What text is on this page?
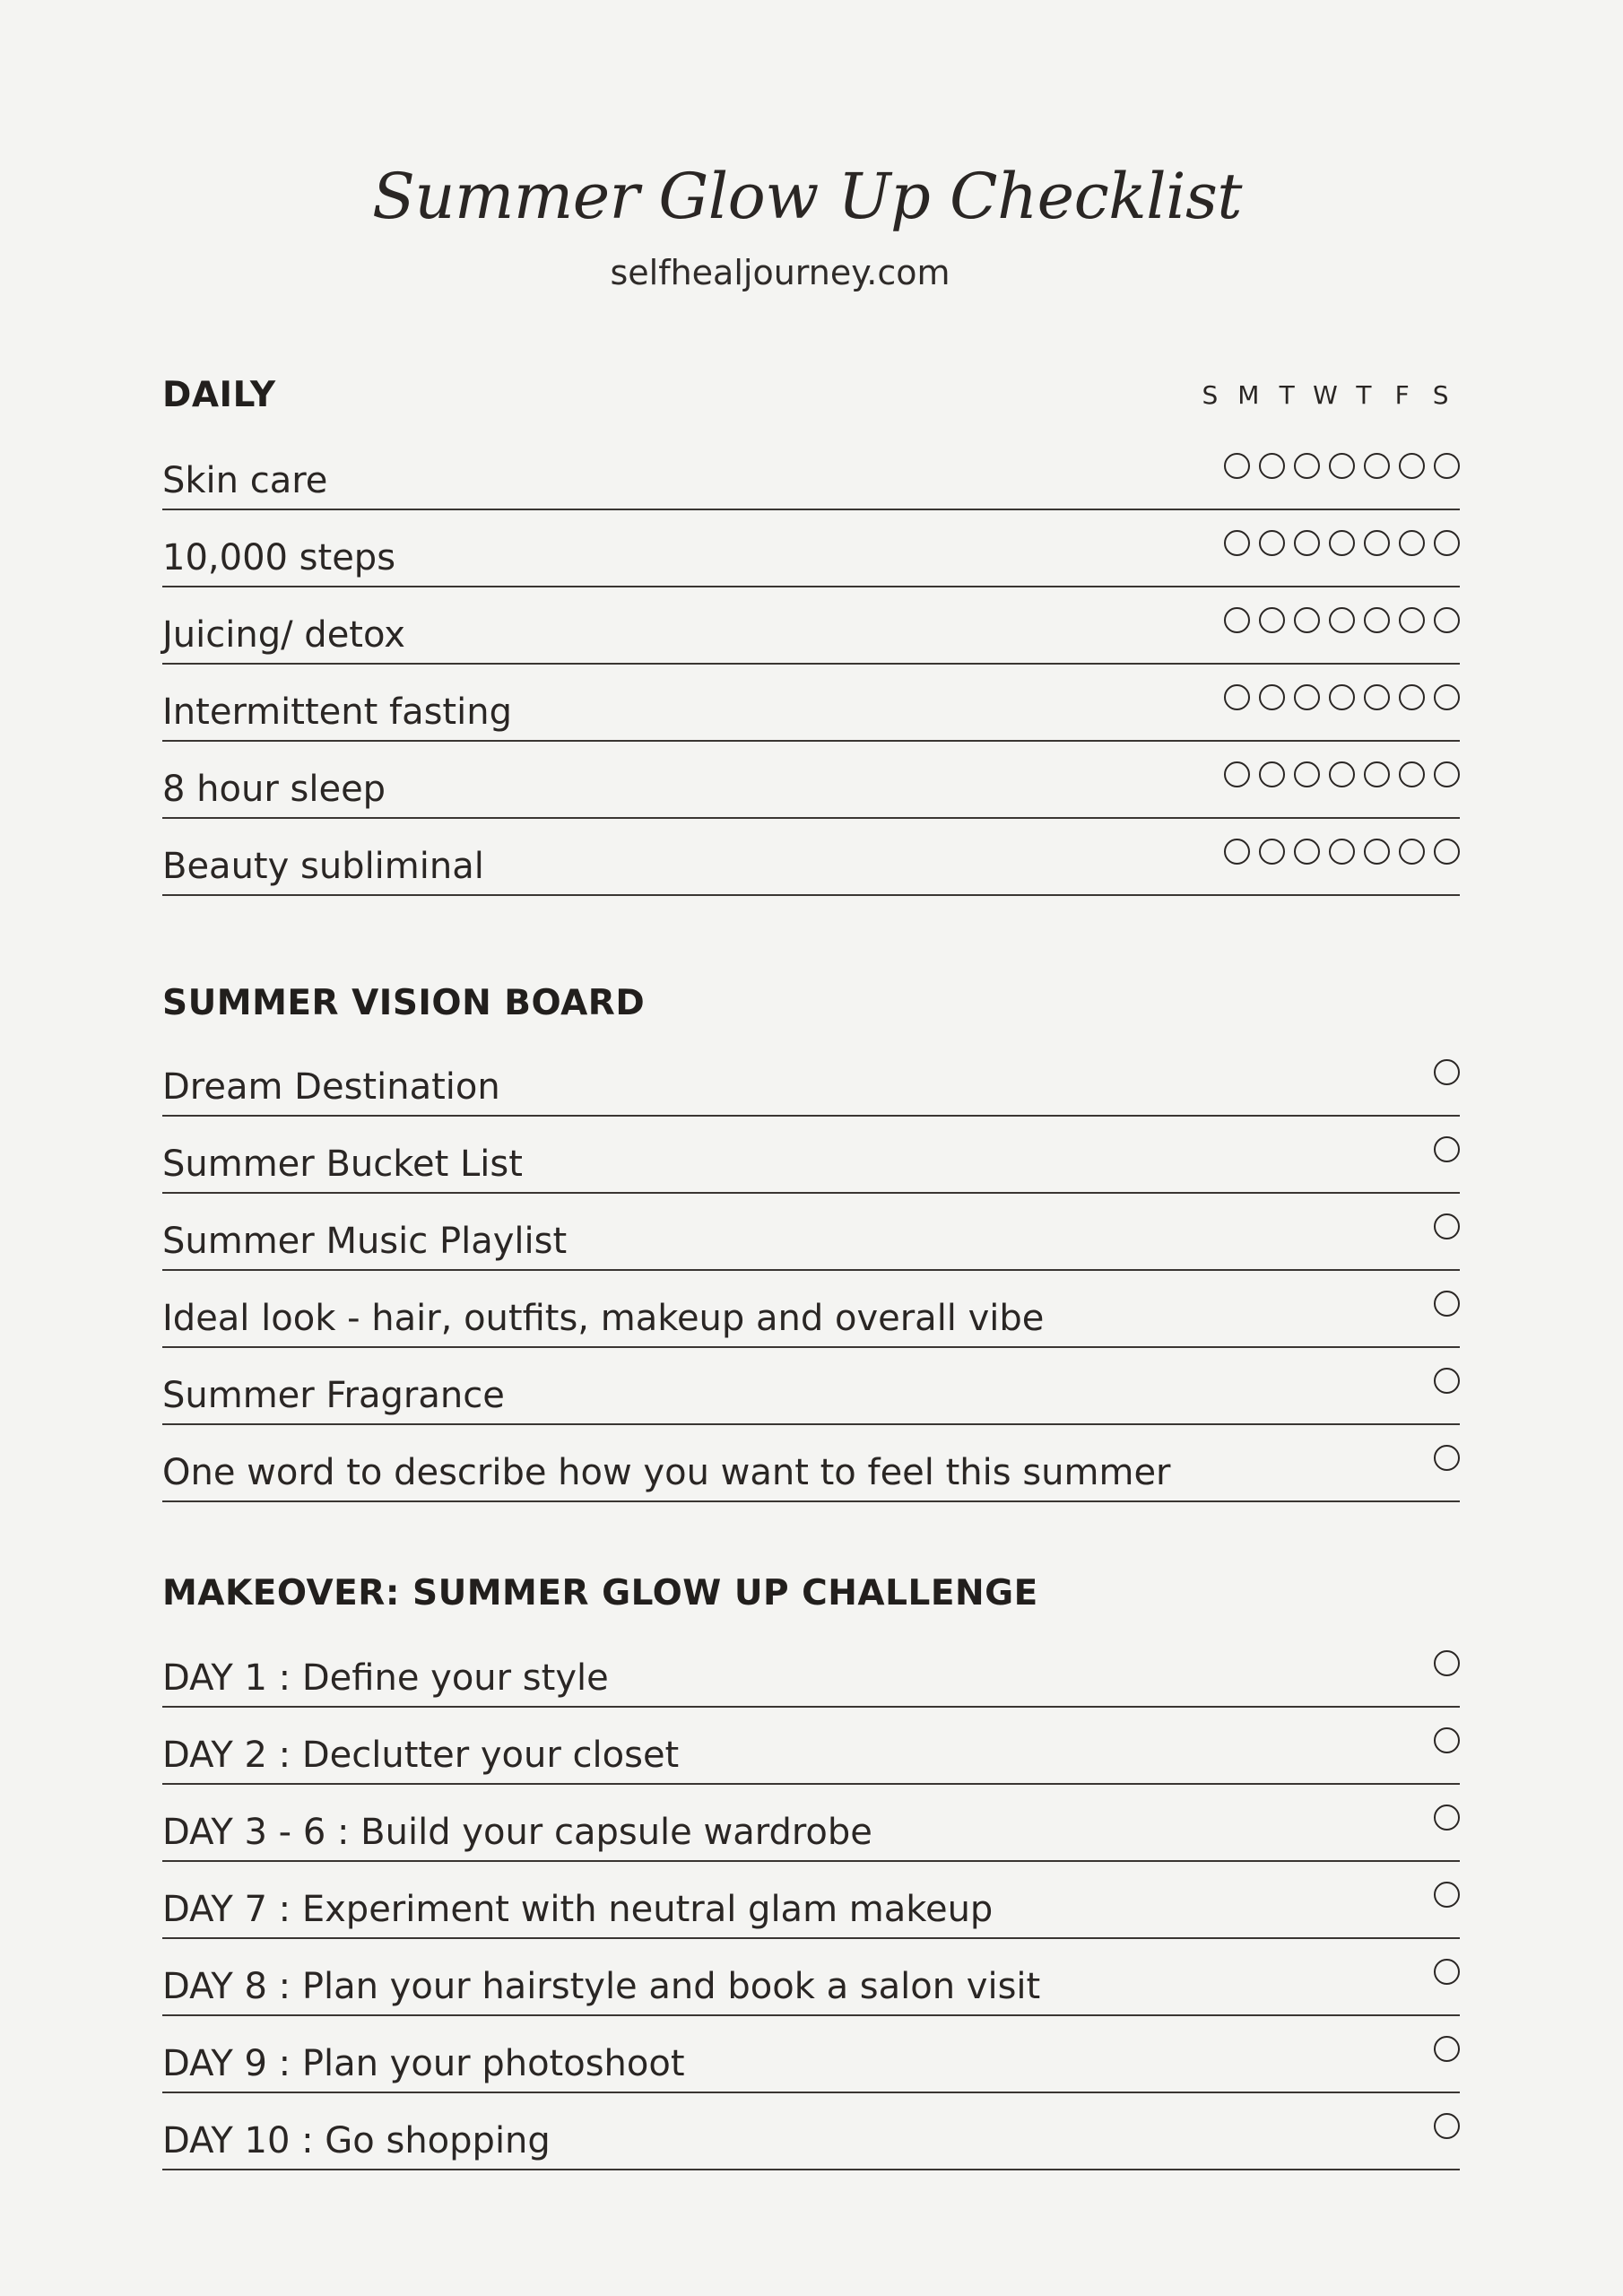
Summer Glow Up Checklist
selfhealjourney.com
DAILY	S M T W T F S
Skin care
10,000 steps
Juicing/ detox
Intermittent fasting
8 hour sleep
Beauty subliminal
SUMMER VISION BOARD
Dream Destination
Summer Bucket List
Summer Music Playlist
Ideal look - hair, outfits, makeup and overall vibe
Summer Fragrance
One word to describe how you want to feel this summer
MAKEOVER: SUMMER GLOW UP CHALLENGE
DAY 1 : Define your style
DAY 2 : Declutter your closet
DAY 3 - 6 : Build your capsule wardrobe
DAY 7 : Experiment with neutral glam makeup
DAY 8 : Plan your hairstyle and book a salon visit
DAY 9 : Plan your photoshoot
DAY 10 : Go shopping
